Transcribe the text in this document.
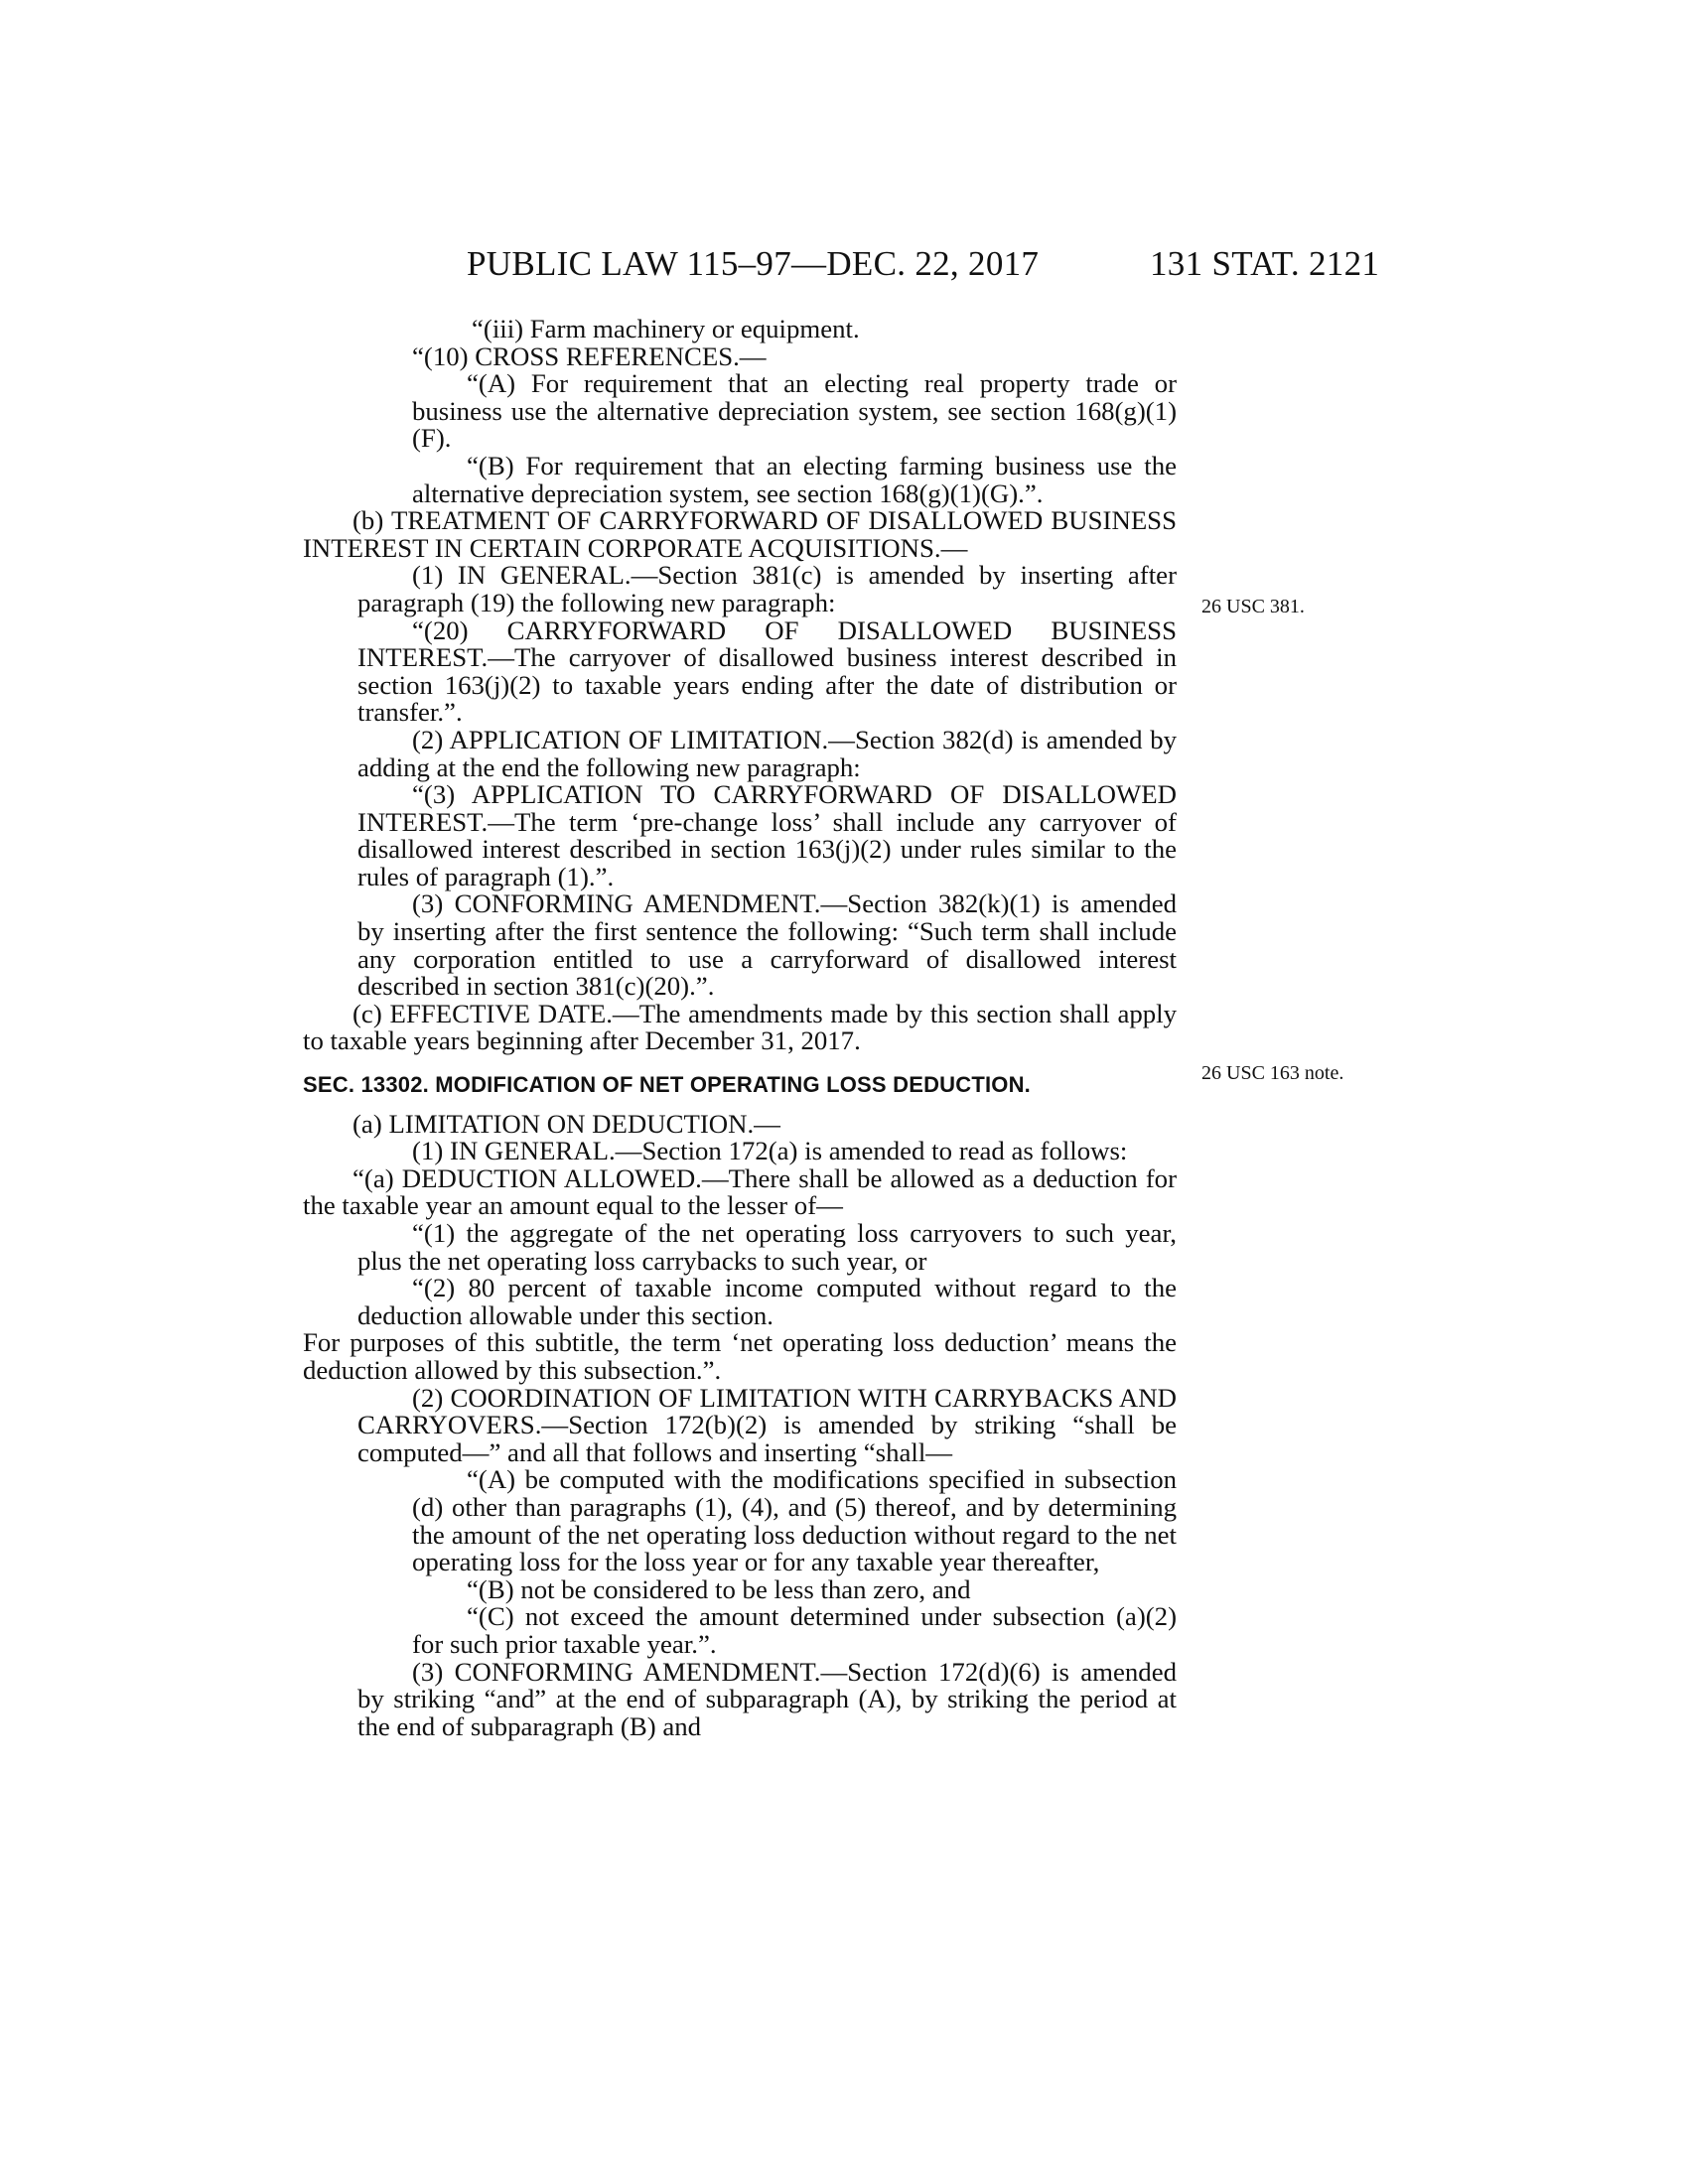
PUBLIC LAW 115–97—DEC. 22, 2017	131 STAT. 2121
26 USC 381.
26 USC 163 note.

“(iii) Farm machinery or equipment.

“(10) CROSS REFERENCES.—

“(A) For requirement that an electing real property trade or business use the alternative depreciation system, see section 168(g)(1)(F).

“(B) For requirement that an electing farming business use the alternative depreciation system, see section 168(g)(1)(G).”.

(b) TREATMENT OF CARRYFORWARD OF DISALLOWED BUSINESS INTEREST IN CERTAIN CORPORATE ACQUISITIONS.—

(1) IN GENERAL.—Section 381(c) is amended by inserting after paragraph (19) the following new paragraph:

“(20) CARRYFORWARD OF DISALLOWED BUSINESS INTEREST.—The carryover of disallowed business interest described in section 163(j)(2) to taxable years ending after the date of distribution or transfer.”.

(2) APPLICATION OF LIMITATION.—Section 382(d) is amended by adding at the end the following new paragraph:

“(3) APPLICATION TO CARRYFORWARD OF DISALLOWED INTEREST.—The term ‘pre-change loss’ shall include any carryover of disallowed interest described in section 163(j)(2) under rules similar to the rules of paragraph (1).”.

(3) CONFORMING AMENDMENT.—Section 382(k)(1) is amended by inserting after the first sentence the following: “Such term shall include any corporation entitled to use a carryforward of disallowed interest described in section 381(c)(20).”.

(c) EFFECTIVE DATE.—The amendments made by this section shall apply to taxable years beginning after December 31, 2017.

SEC. 13302. MODIFICATION OF NET OPERATING LOSS DEDUCTION.

(a) LIMITATION ON DEDUCTION.—

(1) IN GENERAL.—Section 172(a) is amended to read as follows:

“(a) DEDUCTION ALLOWED.—There shall be allowed as a deduction for the taxable year an amount equal to the lesser of—

“(1) the aggregate of the net operating loss carryovers to such year, plus the net operating loss carrybacks to such year, or

“(2) 80 percent of taxable income computed without regard to the deduction allowable under this section.

For purposes of this subtitle, the term ‘net operating loss deduction’ means the deduction allowed by this subsection.”.

(2) COORDINATION OF LIMITATION WITH CARRYBACKS AND CARRYOVERS.—Section 172(b)(2) is amended by striking “shall be computed—” and all that follows and inserting “shall—

“(A) be computed with the modifications specified in subsection (d) other than paragraphs (1), (4), and (5) thereof, and by determining the amount of the net operating loss deduction without regard to the net operating loss for the loss year or for any taxable year thereafter,

“(B) not be considered to be less than zero, and

“(C) not exceed the amount determined under subsection (a)(2) for such prior taxable year.”.

(3) CONFORMING AMENDMENT.—Section 172(d)(6) is amended by striking “and” at the end of subparagraph (A), by striking the period at the end of subparagraph (B) and
